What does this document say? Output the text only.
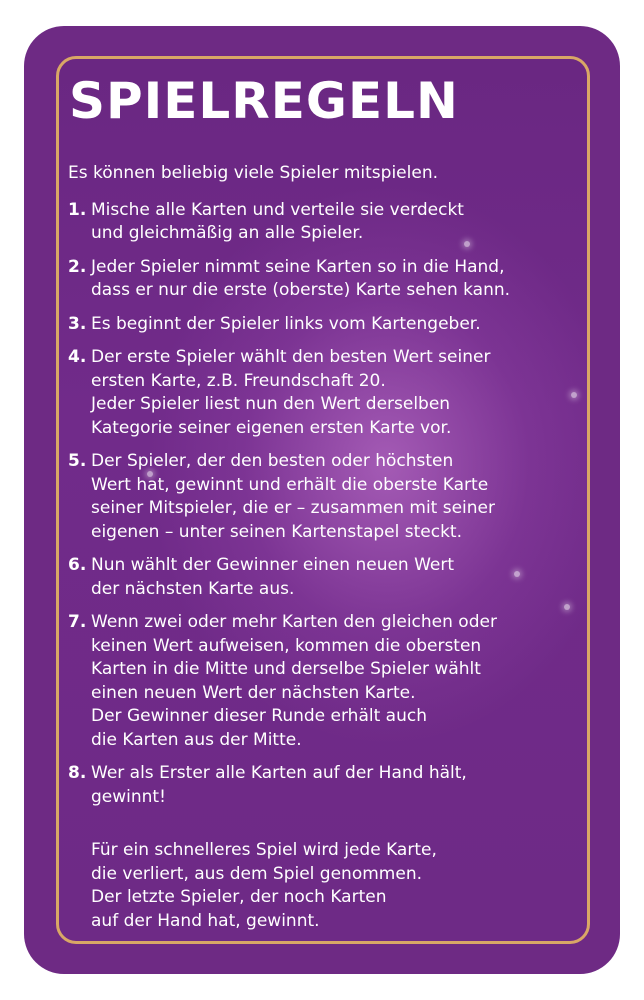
SPIELREGELN

Es können beliebig viele Spieler mitspielen.

1. Mische alle Karten und verteile sie verdeckt
und gleichmäßig an alle Spieler.
2. Jeder Spieler nimmt seine Karten so in die Hand,
dass er nur die erste (oberste) Karte sehen kann.
3. Es beginnt der Spieler links vom Kartengeber.
4. Der erste Spieler wählt den besten Wert seiner
ersten Karte, z.B. Freundschaft 20.
Jeder Spieler liest nun den Wert derselben
Kategorie seiner eigenen ersten Karte vor.
5. Der Spieler, der den besten oder höchsten
Wert hat, gewinnt und erhält die oberste Karte
seiner Mitspieler, die er – zusammen mit seiner
eigenen – unter seinen Kartenstapel steckt.
6. Nun wählt der Gewinner einen neuen Wert
der nächsten Karte aus.
7. Wenn zwei oder mehr Karten den gleichen oder
keinen Wert aufweisen, kommen die obersten
Karten in die Mitte und derselbe Spieler wählt
einen neuen Wert der nächsten Karte.
Der Gewinner dieser Runde erhält auch
die Karten aus der Mitte.
8. Wer als Erster alle Karten auf der Hand hält,
gewinnt!
Für ein schnelleres Spiel wird jede Karte,
die verliert, aus dem Spiel genommen.
Der letzte Spieler, der noch Karten
auf der Hand hat, gewinnt.
